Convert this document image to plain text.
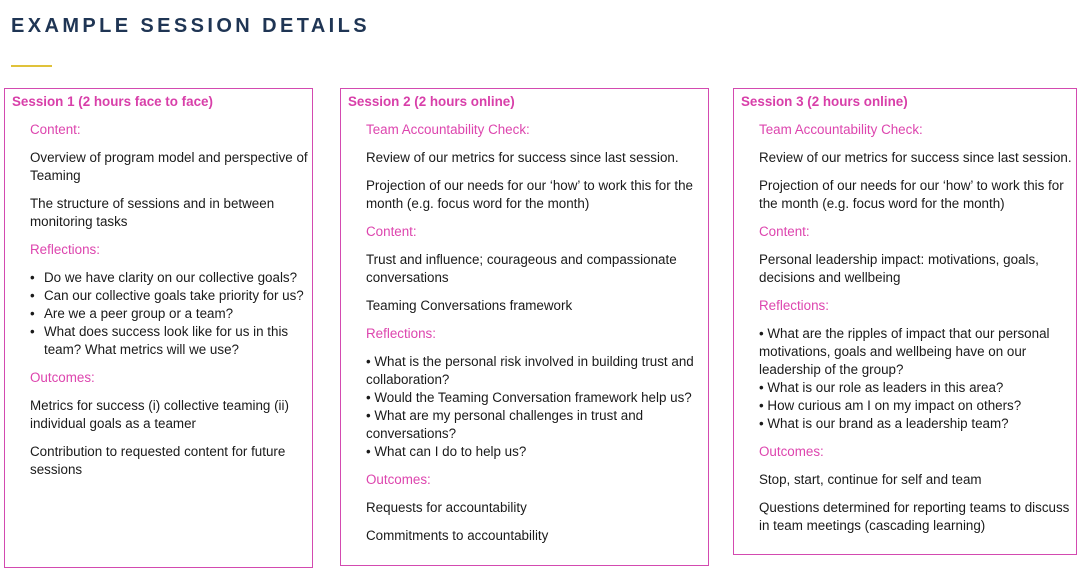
EXAMPLE SESSION DETAILS
Session 1 (2 hours face to face)
Content:
Overview of program model and perspective of Teaming
The structure of sessions and in between monitoring tasks
Reflections:
• Do we have clarity on our collective goals?
• Can our collective goals take priority for us?
• Are we a peer group or a team?
• What does success look like for us in this team? What metrics will we use?
Outcomes:
Metrics for success (i) collective teaming (ii) individual goals as a teamer
Contribution to requested content for future sessions
Session 2 (2 hours online)
Team Accountability Check:
Review of our metrics for success since last session.
Projection of our needs for our ‘how’ to work this for the month (e.g. focus word for the month)
Content:
Trust and influence; courageous and compassionate conversations
Teaming Conversations framework
Reflections:
• What is the personal risk involved in building trust and collaboration?
• Would the Teaming Conversation framework help us?
• What are my personal challenges in trust and conversations?
• What can I do to help us?
Outcomes:
Requests for accountability
Commitments to accountability
Session 3 (2 hours online)
Team Accountability Check:
Review of our metrics for success since last session.
Projection of our needs for our ‘how’ to work this for the month (e.g. focus word for the month)
Content:
Personal leadership impact: motivations, goals, decisions and wellbeing
Reflections:
• What are the ripples of impact that our personal motivations, goals and wellbeing have on our leadership of the group?
• What is our role as leaders in this area?
• How curious am I on my impact on others?
• What is our brand as a leadership team?
Outcomes:
Stop, start, continue for self and team
Questions determined for reporting teams to discuss in team meetings (cascading learning)
